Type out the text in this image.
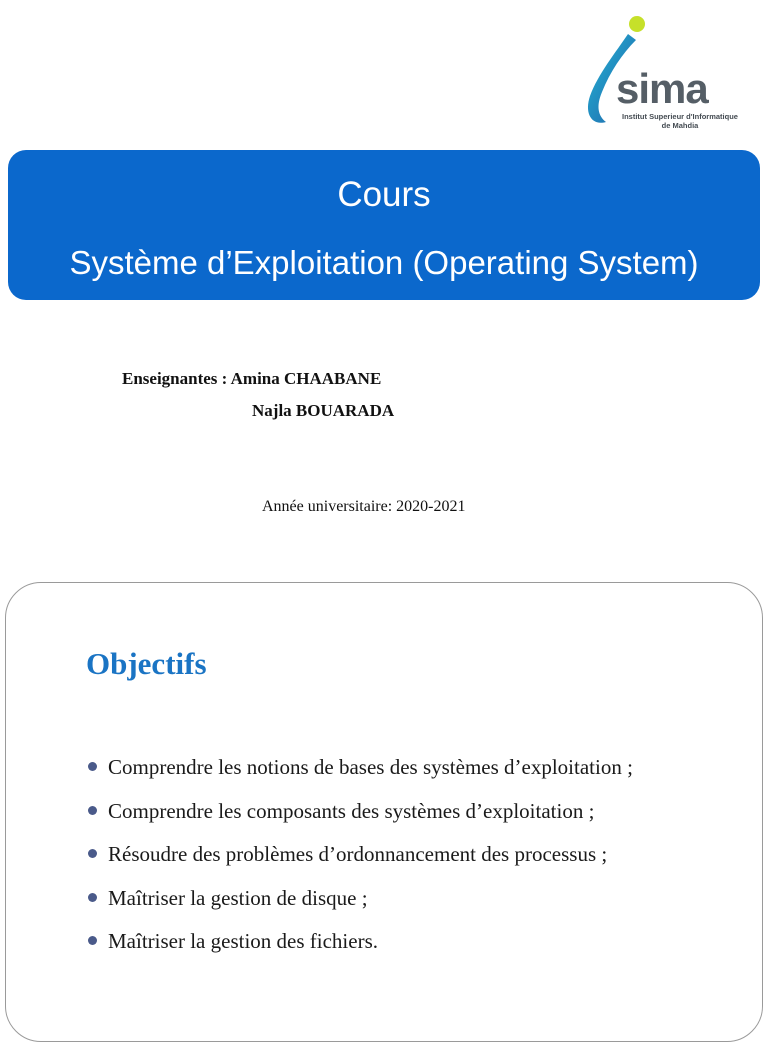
sima
Institut Superieur d'Informatique de Mahdia
Cours
Système d’Exploitation (Operating System)
Enseignantes : Amina CHAABANE
Najla BOUARADA
Année universitaire: 2020-2021
Objectifs
Comprendre les notions de bases des systèmes d’exploitation ;
Comprendre les composants des systèmes d’exploitation ;
Résoudre des problèmes d’ordonnancement des processus ;
Maîtriser la gestion de disque ;
Maîtriser la gestion des fichiers.
